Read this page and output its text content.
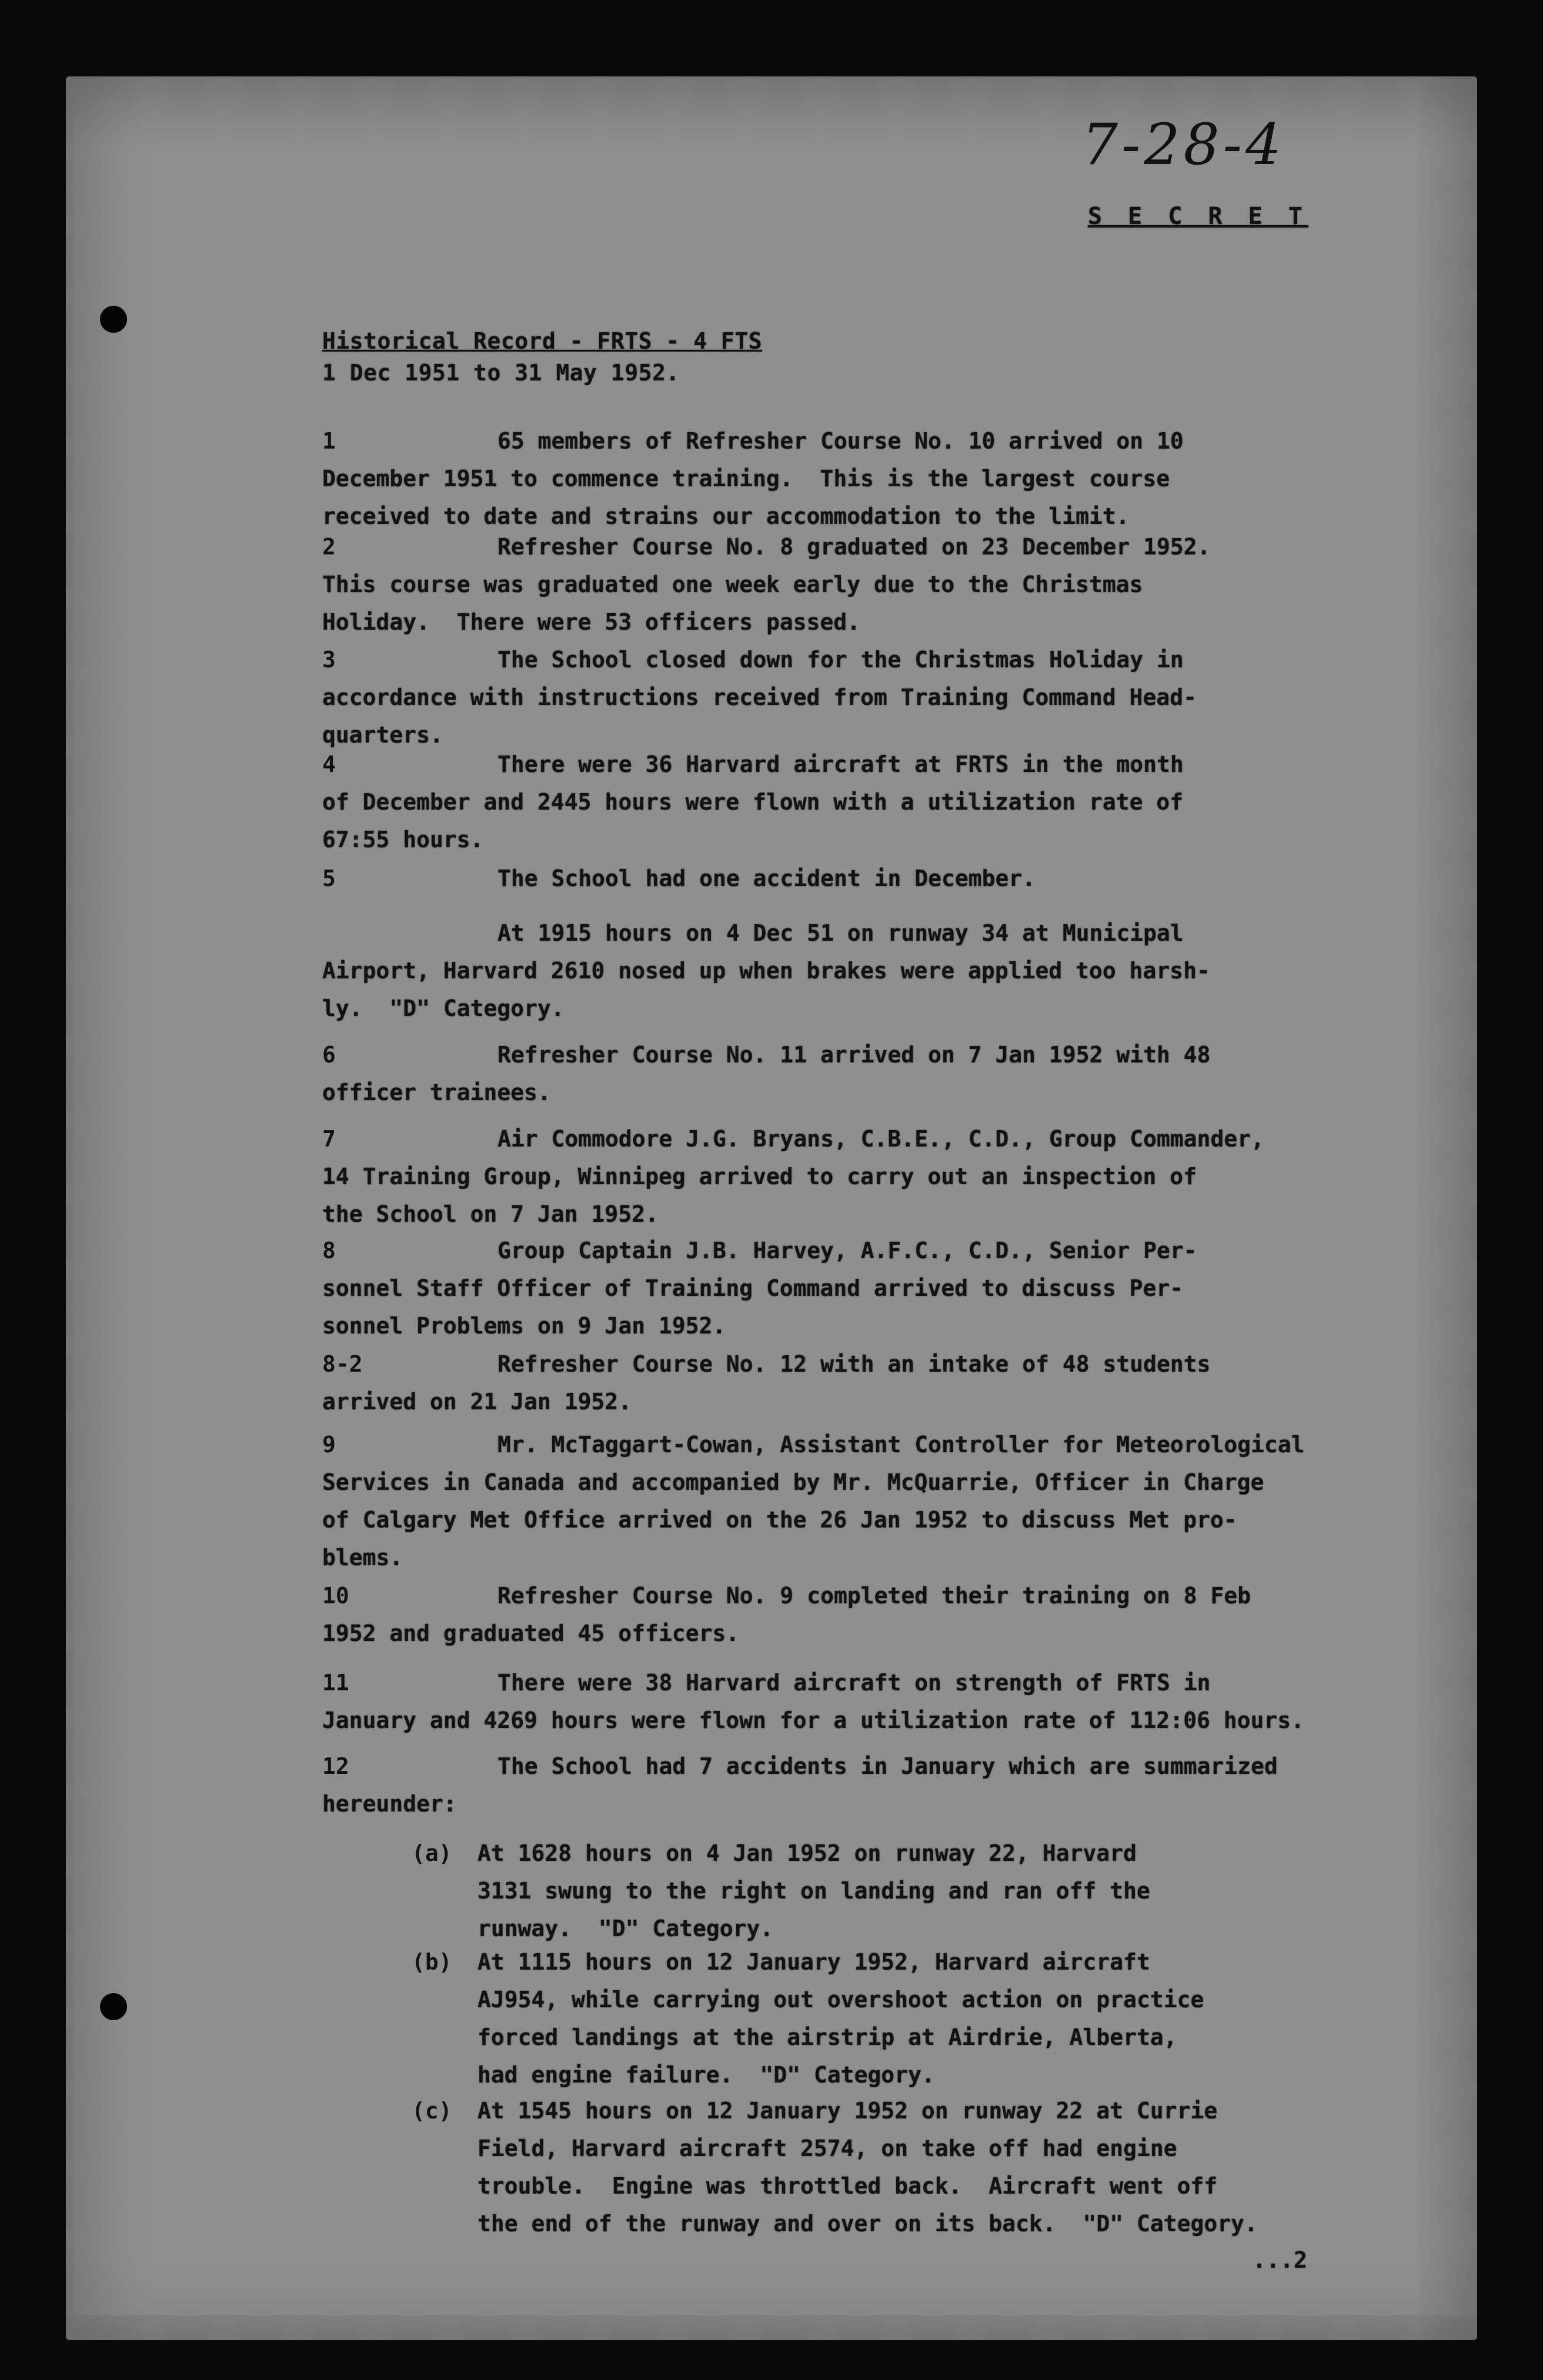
7-28-4
S E C R E T
Historical Record - FRTS - 4 FTS
1 Dec 1951 to 31 May 1952.
1	65 members of Refresher Course No. 10 arrived on 10
December 1951 to commence training.  This is the largest course
received to date and strains our accommodation to the limit.
2	Refresher Course No. 8 graduated on 23 December 1952.
This course was graduated one week early due to the Christmas
Holiday.  There were 53 officers passed.
3	The School closed down for the Christmas Holiday in
accordance with instructions received from Training Command Head-
quarters.
4	There were 36 Harvard aircraft at FRTS in the month
of December and 2445 hours were flown with a utilization rate of
67:55 hours.
5	The School had one accident in December.
At 1915 hours on 4 Dec 51 on runway 34 at Municipal
Airport, Harvard 2610 nosed up when brakes were applied too harsh-
ly.  "D" Category.
6	Refresher Course No. 11 arrived on 7 Jan 1952 with 48
officer trainees.
7	Air Commodore J.G. Bryans, C.B.E., C.D., Group Commander,
14 Training Group, Winnipeg arrived to carry out an inspection of
the School on 7 Jan 1952.
8	Group Captain J.B. Harvey, A.F.C., C.D., Senior Per-
sonnel Staff Officer of Training Command arrived to discuss Per-
sonnel Problems on 9 Jan 1952.
8-2	Refresher Course No. 12 with an intake of 48 students
arrived on 21 Jan 1952.
9	Mr. McTaggart-Cowan, Assistant Controller for Meteorological
Services in Canada and accompanied by Mr. McQuarrie, Officer in Charge
of Calgary Met Office arrived on the 26 Jan 1952 to discuss Met pro-
blems.
10	Refresher Course No. 9 completed their training on 8 Feb
1952 and graduated 45 officers.
11	There were 38 Harvard aircraft on strength of FRTS in
January and 4269 hours were flown for a utilization rate of 112:06 hours.
12	The School had 7 accidents in January which are summarized
hereunder:
(a) At 1628 hours on 4 Jan 1952 on runway 22, Harvard
3131 swung to the right on landing and ran off the
runway.  "D" Category.
(b) At 1115 hours on 12 January 1952, Harvard aircraft
AJ954, while carrying out overshoot action on practice
forced landings at the airstrip at Airdrie, Alberta,
had engine failure.  "D" Category.
(c) At 1545 hours on 12 January 1952 on runway 22 at Currie
Field, Harvard aircraft 2574, on take off had engine
trouble.  Engine was throttled back.  Aircraft went off
the end of the runway and over on its back.  "D" Category.
...2
